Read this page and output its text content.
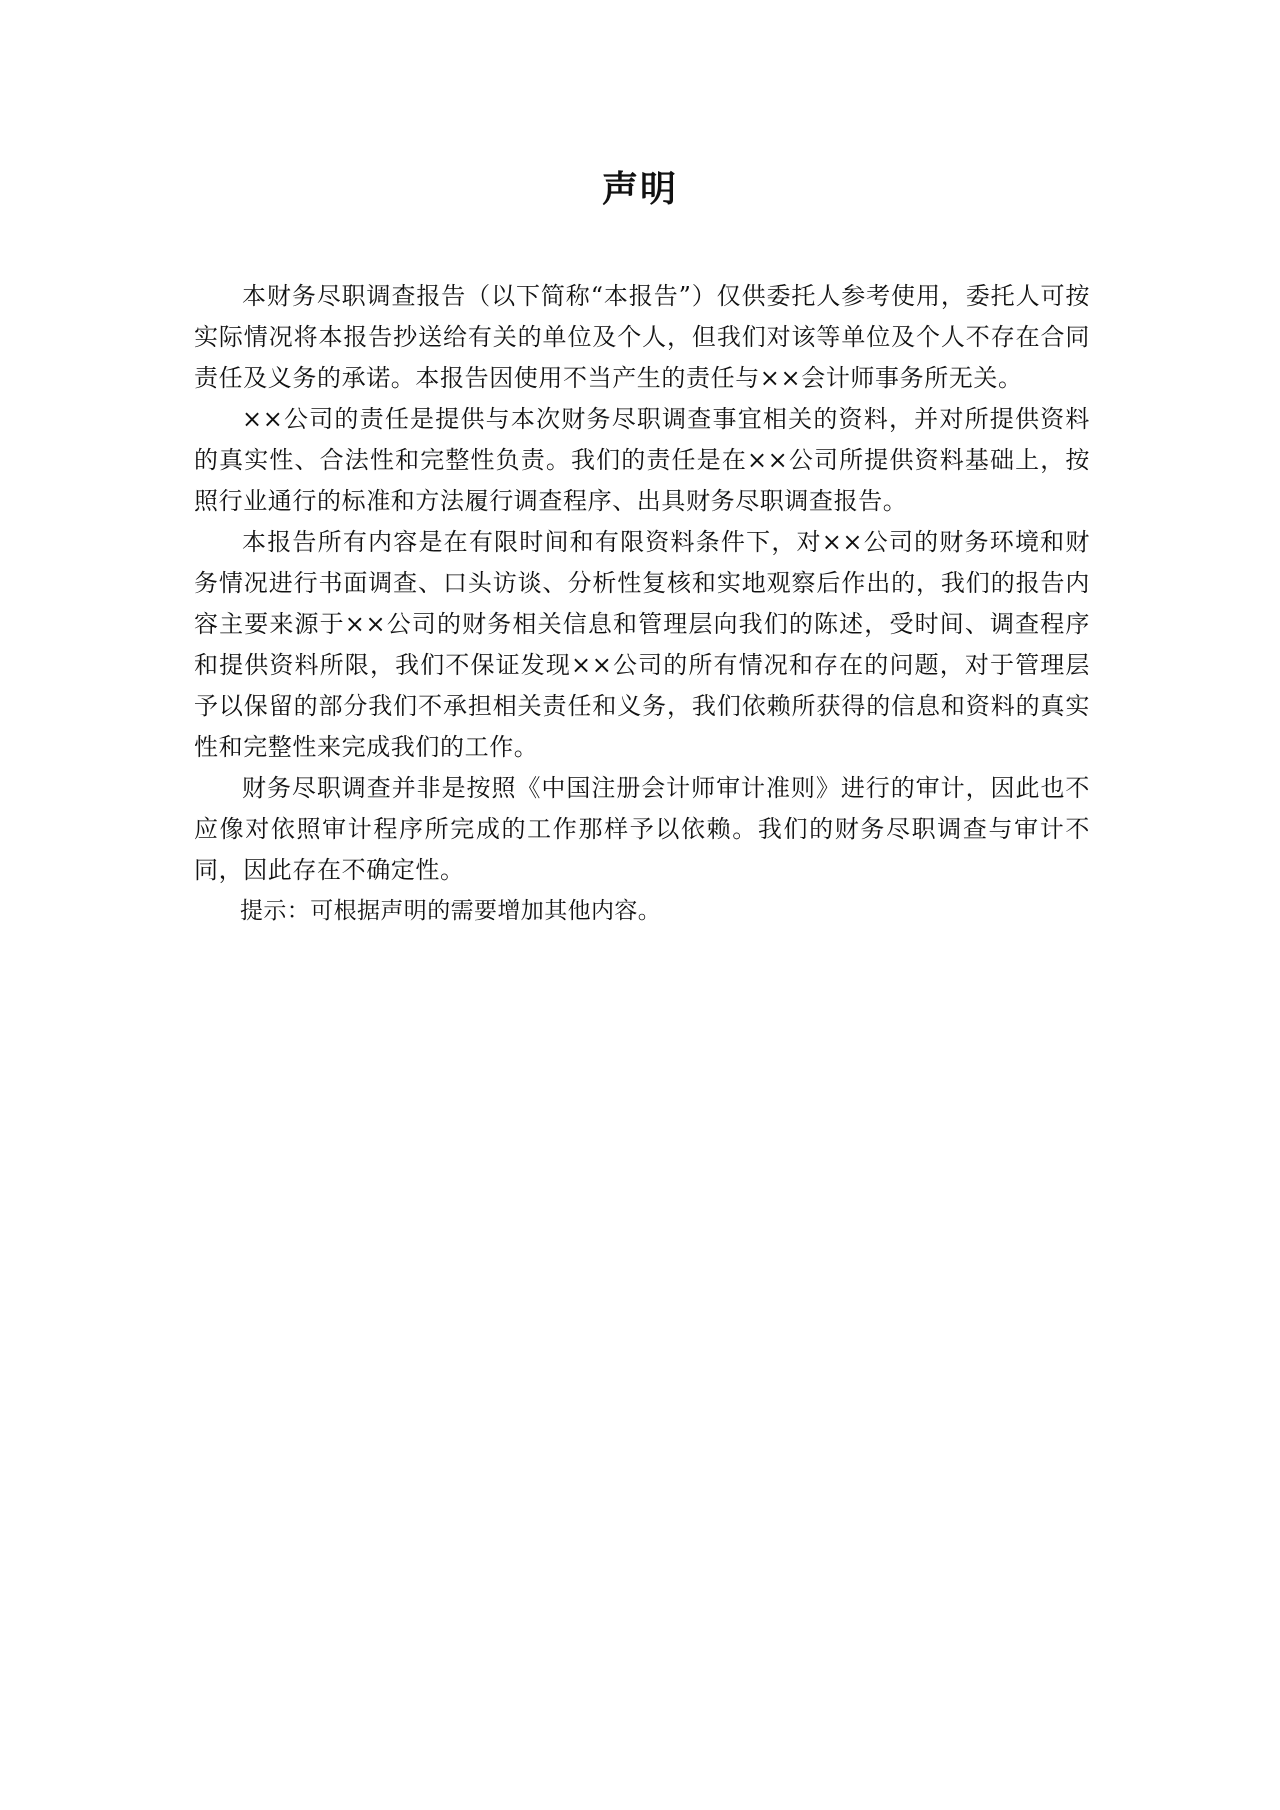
声明

本财务尽职调查报告（以下简称“本报告”）仅供委托人参考使用，委托人可按实际情况将本报告抄送给有关的单位及个人，但我们对该等单位及个人不存在合同责任及义务的承诺。本报告因使用不当产生的责任与××会计师事务所无关。

××公司的责任是提供与本次财务尽职调查事宜相关的资料，并对所提供资料的真实性、合法性和完整性负责。我们的责任是在××公司所提供资料基础上，按照行业通行的标准和方法履行调查程序、出具财务尽职调查报告。

本报告所有内容是在有限时间和有限资料条件下，对××公司的财务环境和财务情况进行书面调查、口头访谈、分析性复核和实地观察后作出的，我们的报告内容主要来源于××公司的财务相关信息和管理层向我们的陈述，受时间、调查程序和提供资料所限，我们不保证发现××公司的所有情况和存在的问题，对于管理层予以保留的部分我们不承担相关责任和义务，我们依赖所获得的信息和资料的真实性和完整性来完成我们的工作。

财务尽职调查并非是按照《中国注册会计师审计准则》进行的审计，因此也不应像对依照审计程序所完成的工作那样予以依赖。我们的财务尽职调查与审计不同，因此存在不确定性。

提示：可根据声明的需要增加其他内容。
